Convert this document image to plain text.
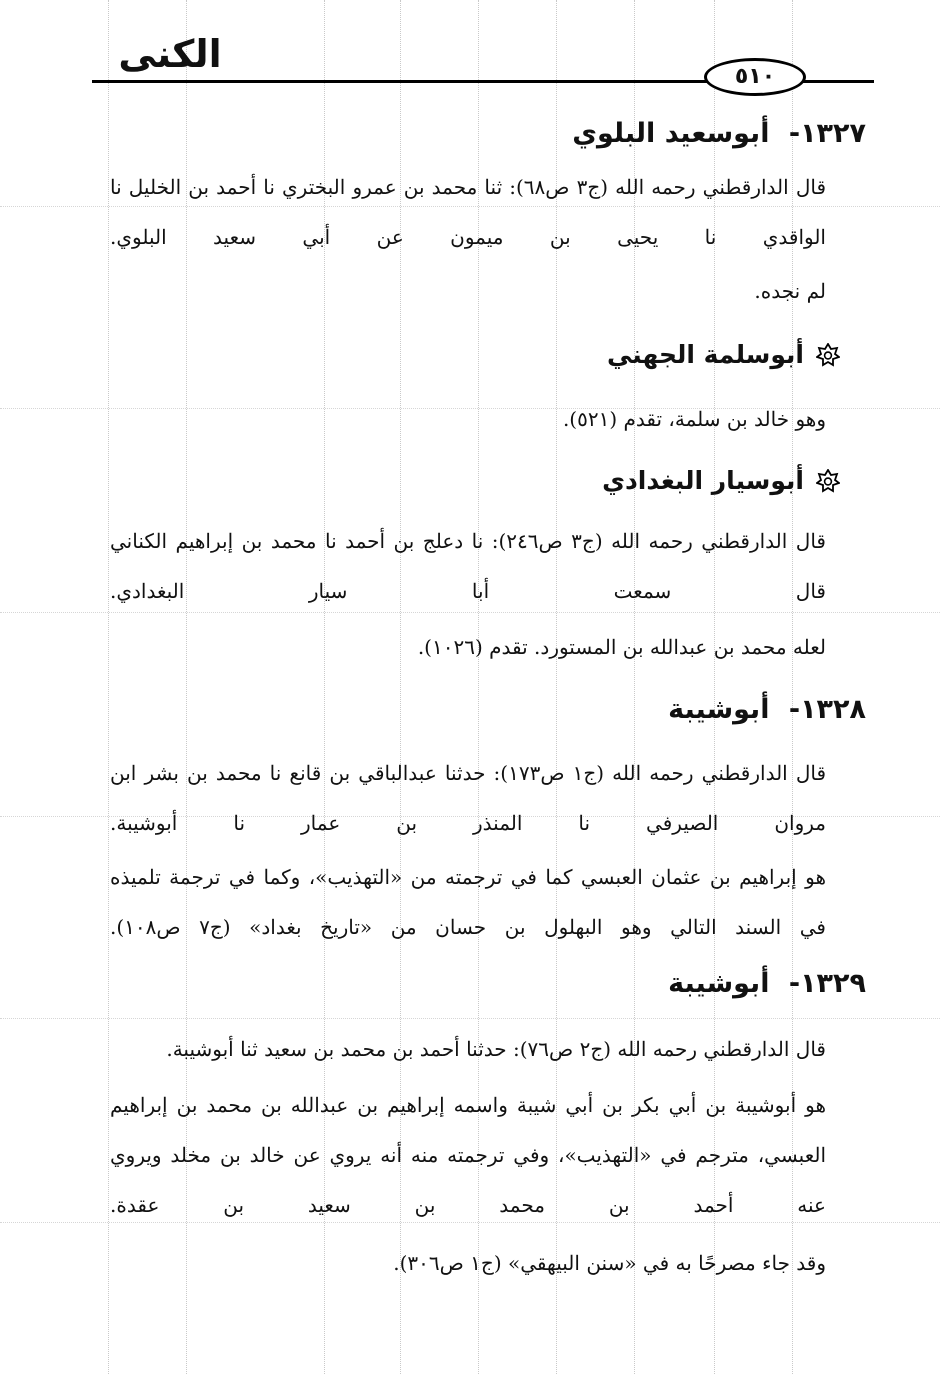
الكنى
٥١٠
١٣٢٧- أبوسعيد البلوي
قال الدارقطني رحمه الله (ج٣ ص٦٨): ثنا محمد بن عمرو البختري نا أحمد بن الخليل نا الواقدي نا يحيى بن ميمون عن أبي سعيد البلوي.
لم نجده.
أبوسلمة الجهني
وهو خالد بن سلمة، تقدم (٥٢١).
أبوسيار البغدادي
قال الدارقطني رحمه الله (ج٣ ص٢٤٦): نا دعلج بن أحمد نا محمد بن إبراهيم الكناني قال سمعت أبا سيار البغدادي.
لعله محمد بن عبدالله بن المستورد. تقدم (١٠٢٦).
١٣٢٨- أبوشيبة
قال الدارقطني رحمه الله (ج١ ص١٧٣): حدثنا عبدالباقي بن قانع نا محمد بن بشر ابن مروان الصيرفي نا المنذر بن عمار نا أبوشيبة.
هو إبراهيم بن عثمان العبسي كما في ترجمته من «التهذيب»، وكما في ترجمة تلميذه في السند التالي وهو البهلول بن حسان من «تاريخ بغداد» (ج٧ ص١٠٨).
١٣٢٩- أبوشيبة
قال الدارقطني رحمه الله (ج٢ ص٧٦): حدثنا أحمد بن محمد بن سعيد ثنا أبوشيبة.
هو أبوشيبة بن أبي بكر بن أبي شيبة واسمه إبراهيم بن عبدالله بن محمد بن إبراهيم العبسي، مترجم في «التهذيب»، وفي ترجمته منه أنه يروي عن خالد بن مخلد ويروي عنه أحمد بن محمد بن سعيد بن عقدة.
وقد جاء مصرحًا به في «سنن البيهقي» (ج١ ص٣٠٦).
